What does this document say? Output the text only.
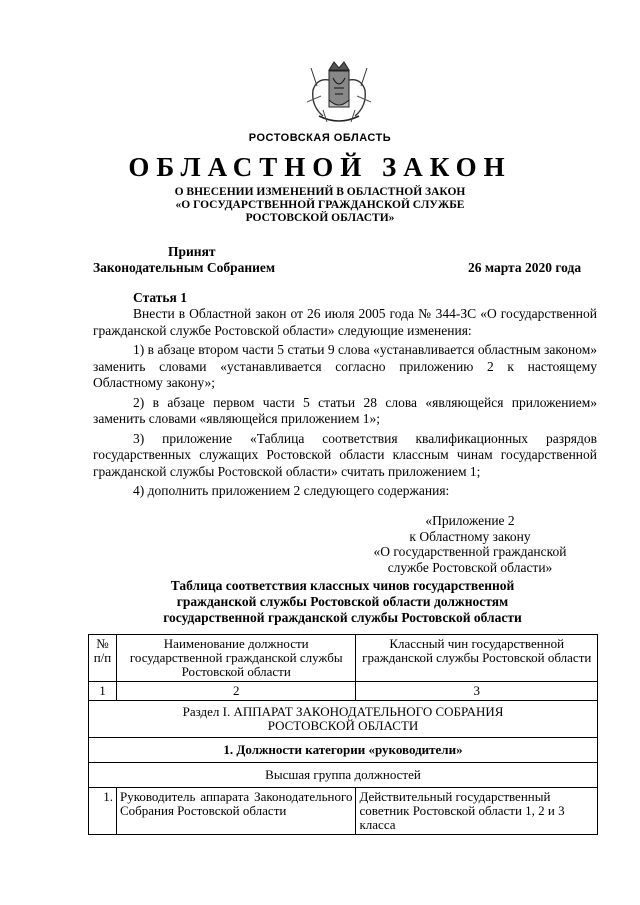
РОСТОВСКАЯ ОБЛАСТЬ
ОБЛАСТНОЙ ЗАКОН
О ВНЕСЕНИИ ИЗМЕНЕНИЙ В ОБЛАСТНОЙ ЗАКОН
«О ГОСУДАРСТВЕННОЙ ГРАЖДАНСКОЙ СЛУЖБЕ
РОСТОВСКОЙ ОБЛАСТИ»
Принят
Законодательным Собранием	26 марта 2020 года
Статья 1

Внести в Областной закон от 26 июля 2005 года № 344-ЗС «О государственной гражданской службе Ростовской области» следующие изменения:

1) в абзаце втором части 5 статьи 9 слова «устанавливается областным законом» заменить словами «устанавливается согласно приложению 2 к настоящему Областному закону»;

2) в абзаце первом части 5 статьи 28 слова «являющейся приложением» заменить словами «являющейся приложением 1»;

3) приложение «Таблица соответствия квалификационных разрядов государственных служащих Ростовской области классным чинам государственной гражданской службы Ростовской области» считать приложением 1;

4) дополнить приложением 2 следующего содержания:

«Приложение 2
к Областному закону
«О государственной гражданской
службе Ростовской области»
Таблица соответствия классных чинов государственной
гражданской службы Ростовской области должностям
государственной гражданской службы Ростовской области
№ п/п	Наименование должности государственной гражданской службы Ростовской области	Классный чин государственной гражданской службы Ростовской области
1	2	3
Раздел I. АППАРАТ ЗАКОНОДАТЕЛЬНОГО СОБРАНИЯ РОСТОВСКОЙ ОБЛАСТИ		
1. Должности категории «руководители»		
Высшая группа должностей		
1.	Руководитель аппарата Законодательного Собрания Ростовской области	Действительный государственный советник Ростовской области 1, 2 и 3 класса
